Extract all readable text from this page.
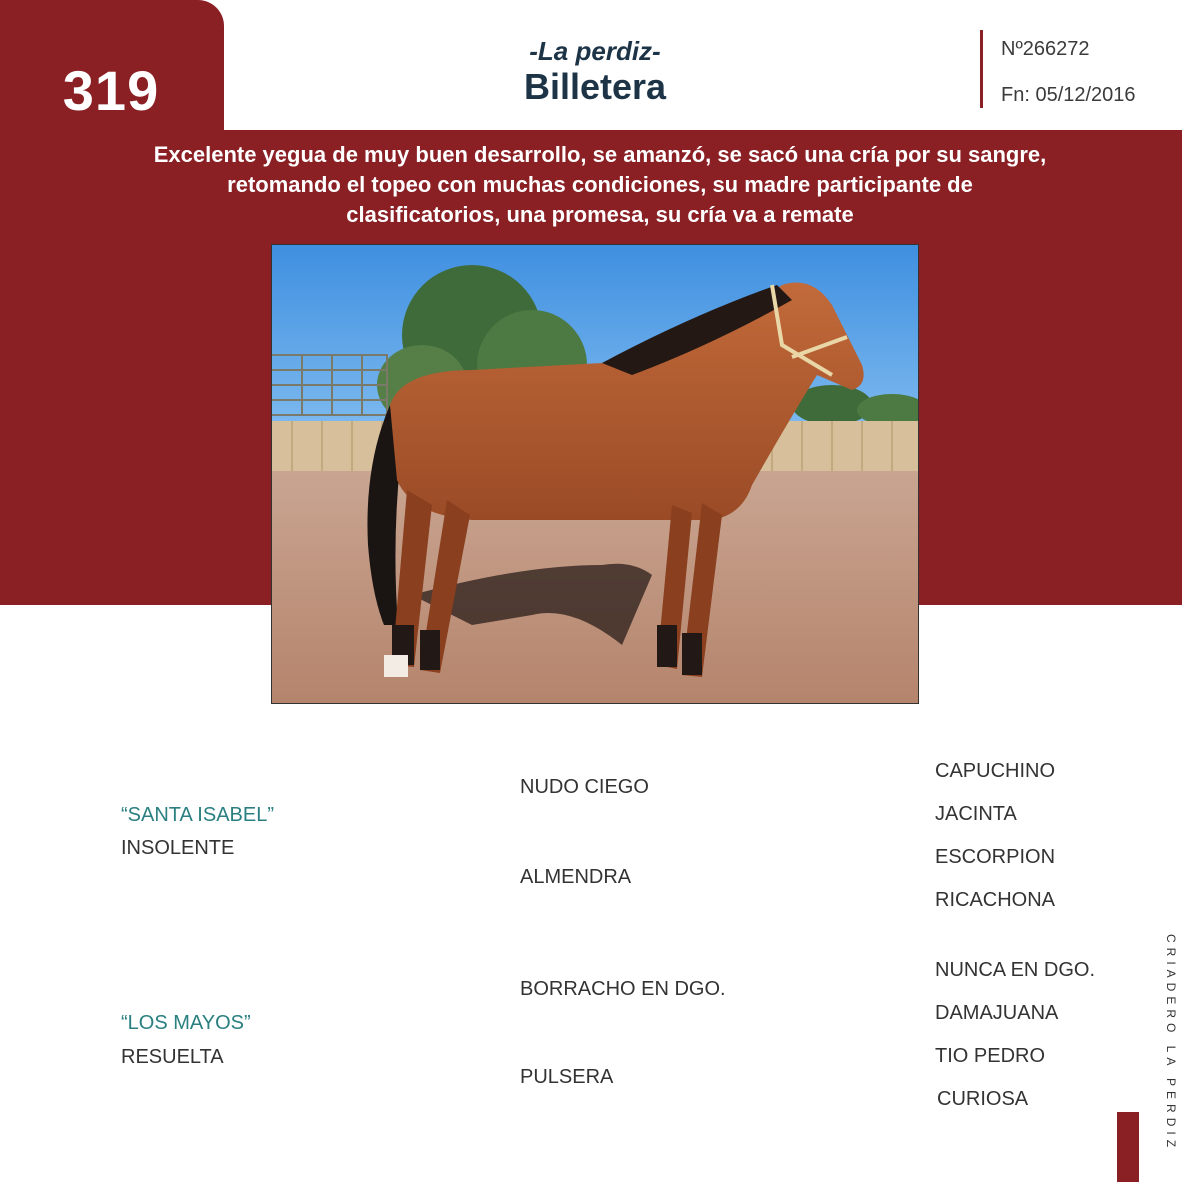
319
-La perdiz-
Billetera
Nº266272
Fn: 05/12/2016
Excelente yegua de muy buen desarrollo, se amanzó, se sacó una cría por su sangre, retomando el topeo con muchas condiciones, su madre participante de clasificatorios, una promesa, su cría va a remate
“SANTA ISABEL”
INSOLENTE
“LOS MAYOS”
RESUELTA
NUDO CIEGO
ALMENDRA
BORRACHO EN DGO.
PULSERA
CAPUCHINO
JACINTA
ESCORPION
RICACHONA
NUNCA EN DGO.
DAMAJUANA
TIO PEDRO
CURIOSA	CRIADERO LA PERDIZ
